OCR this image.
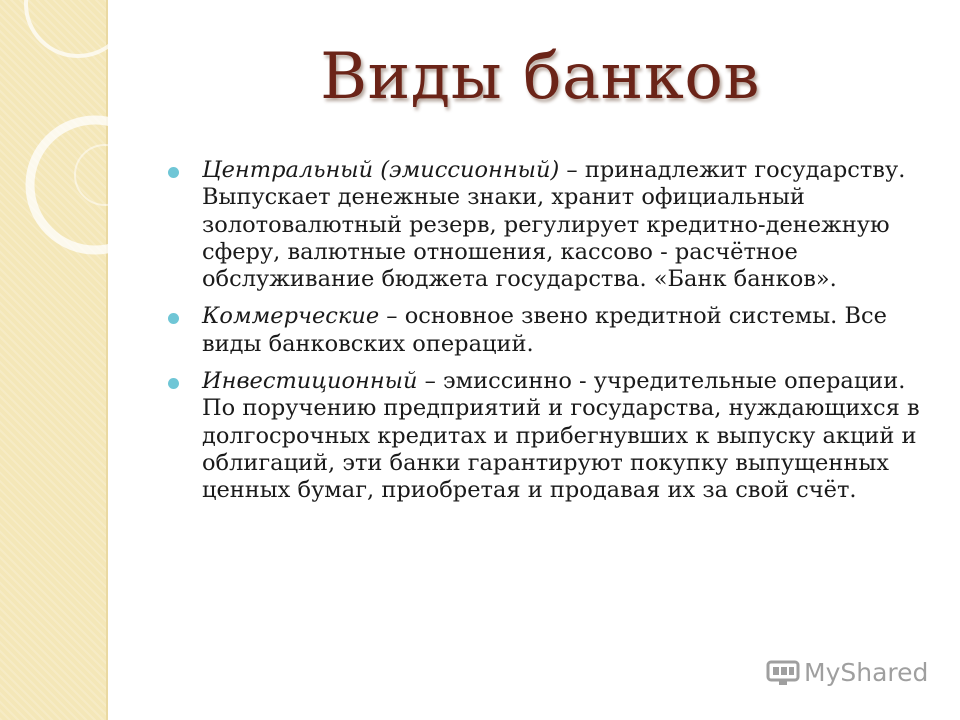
Виды банков
Центральный (эмиссионный) – принадлежит государству. Выпускает денежные знаки, хранит официальный золотовалютный резерв, регулирует кредитно-денежную сферу, валютные отношения, кассово - расчётное обслуживание бюджета государства. «Банк банков».
Коммерческие – основное звено кредитной системы. Все виды банковских операций.
Инвестиционный – эмиссинно - учредительные операции. По поручению предприятий и государства, нуждающихся в долгосрочных кредитах и прибегнувших к выпуску акций и облигаций, эти банки гарантируют покупку выпущенных ценных бумаг, приобретая и продавая их за свой счёт.
MyShared
